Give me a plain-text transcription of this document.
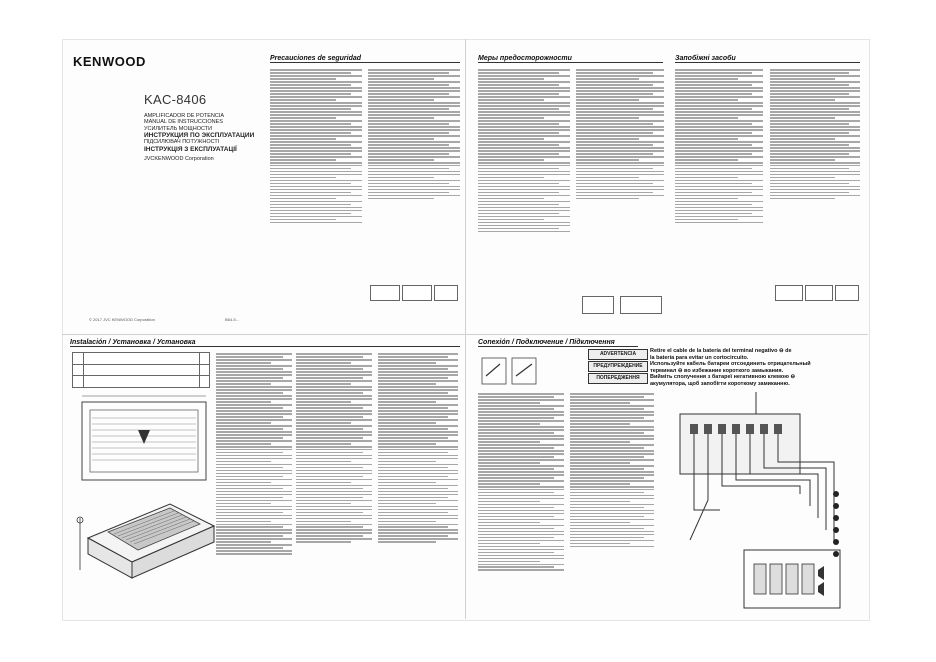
KENWOOD
KAC-8406
AMPLIFICADOR DE POTENCIA
MANUAL DE INSTRUCCIONES
УСИЛИТЕЛЬ МОЩНОСТИ
ИНСТРУКЦИЯ ПО ЭКСПЛУАТАЦИИ
ПІДСИЛЮВАЧ ПОТУЖНОСТІ
ІНСТРУКЦІЯ З ЕКСПЛУАТАЦІЇ
JVCKENWOOD Corporation
Precauciones de seguridad
© 2017 JVC KENWOOD Corporation	B64-5...
Меры предосторожности	Запобіжні засоби
Instalación / Установка / Установка	Conexión / Подключение / Підключення
ADVERTENCIA
ПРЕДУПРЕЖДЕНИЕ
ПОПЕРЕДЖЕННЯ
Retire el cable de la batería del terminal negativo ⊖ de
la batería para evitar un cortocircuito.
Используйте кабель батареи отсоединить отрицательный
терминал ⊖ во избежание короткого замыкания.
Вийміть сполучення з батареї негативною клемою ⊖
акумулятора, щоб запобігти короткому замиканню.
